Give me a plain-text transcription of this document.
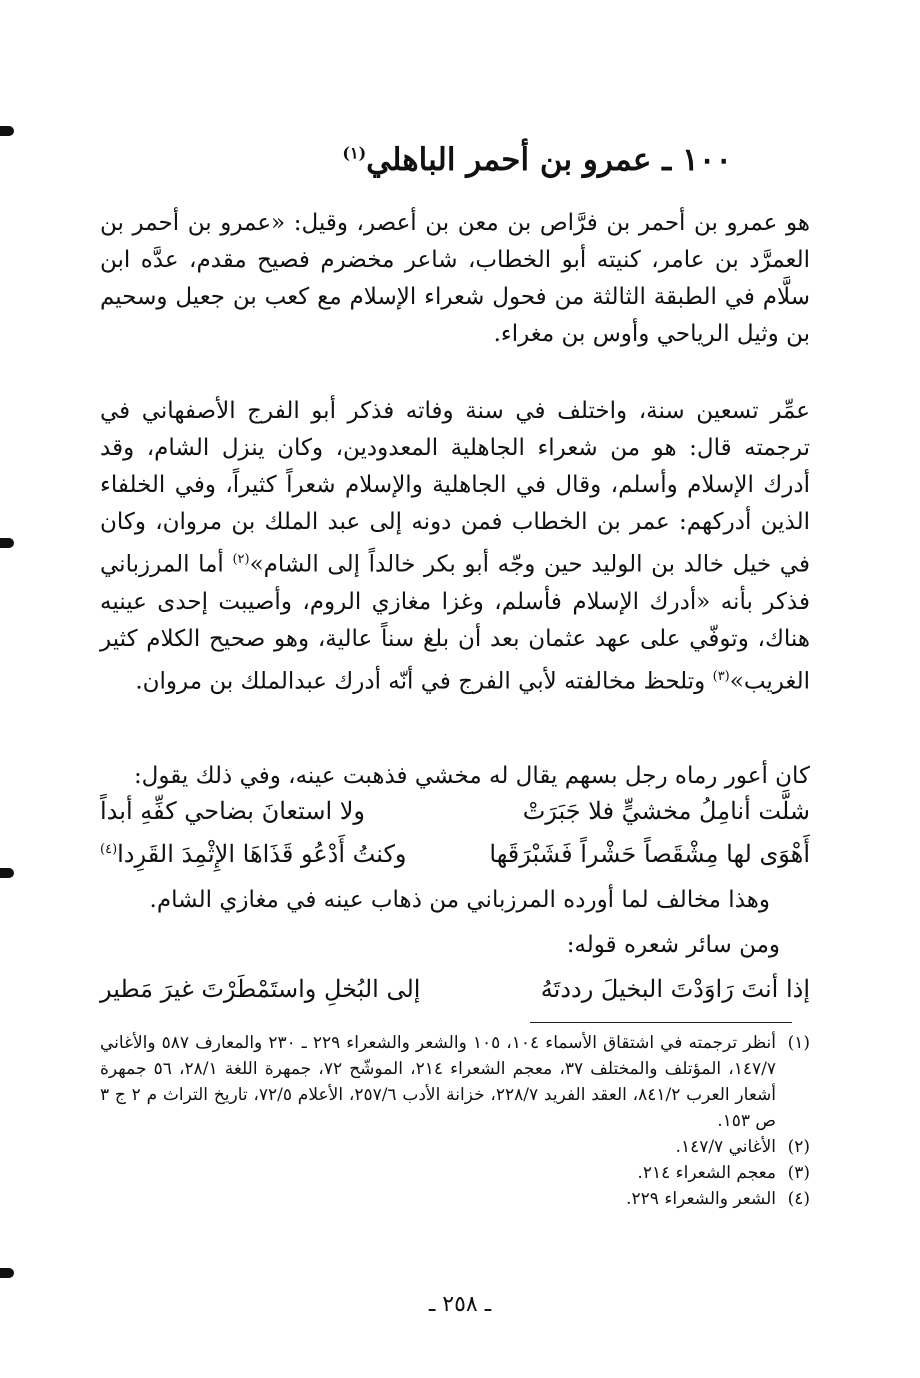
١٠٠ ـ عمرو بن أحمر الباهلي$^{(١)}$
هو عمرو بن أحمر بن فرَّاص بن معن بن أعصر، وقيل: «عمرو بن أحمر بن العمرَّد بن عامر، كنيته أبو الخطاب، شاعر مخضرم فصيح مقدم، عدَّه ابن سلَّام في الطبقة الثالثة من فحول شعراء الإسلام مع كعب بن جعيل وسحيم بن وثيل الرياحي وأوس بن مغراء.
عمِّر تسعين سنة، واختلف في سنة وفاته فذكر أبو الفرج الأصفهاني في ترجمته قال: هو من شعراء الجاهلية المعدودين، وكان ينزل الشام، وقد أدرك الإسلام وأسلم، وقال في الجاهلية والإسلام شعراً كثيراً، وفي الخلفاء الذين أدركهم: عمر بن الخطاب فمن دونه إلى عبد الملك بن مروان، وكان في خيل خالد بن الوليد حين وجّه أبو بكر خالداً إلى الشام»$^{(٢)}$ أما المرزباني فذكر بأنه «أدرك الإسلام فأسلم، وغزا مغازي الروم، وأصيبت إحدى عينيه هناك، وتوفّي على عهد عثمان بعد أن بلغ سناً عالية، وهو صحيح الكلام كثير الغريب»$^{(٣)}$ وتلحظ مخالفته لأبي الفرج في أنّه أدرك عبدالملك بن مروان.
كان أعور رماه رجل بسهم يقال له مخشي فذهبت عينه، وفي ذلك يقول:
شلَّت أنامِلُ مخشيٍّ فلا جَبَرَتْ
ولا استعانَ بضاحي كفِّهِ أبداً
أَهْوَى لها مِشْقَصاً حَشْراً فَشَبْرَقَها
وكنتُ أَدْعُو قَذَاهَا الإِثْمِدَ القَرِدا$^{(٤)}$
وهذا مخالف لما أورده المرزباني من ذهاب عينه في مغازي الشام.
ومن سائر شعره قوله:
إذا أنتَ رَاوَدْتَ البخيلَ رددتَهُ
إلى البُخلِ واستَمْطَرْتَ غيرَ مَطير
(١)
أنظر ترجمته في اشتقاق الأسماء ١٠٤، ١٠٥ والشعر والشعراء ٢٢٩ ـ ٢٣٠ والمعارف ٥٨٧ والأغاني ١٤٧/٧، المؤتلف والمختلف ٣٧، معجم الشعراء ٢١٤، الموشّح ٧٢، جمهرة اللغة ٢٨/١، ٥٦ جمهرة أشعار العرب ٨٤١/٢، العقد الفريد ٢٢٨/٧، خزانة الأدب ٢٥٧/٦، الأعلام ٧٢/٥، تاريخ التراث م ٢ ج ٣ ص ١٥٣.
(٢)
الأغاني ١٤٧/٧.
(٣)
معجم الشعراء ٢١٤.
(٤)
الشعر والشعراء ٢٢٩.
ـ ٢٥٨ ـ
